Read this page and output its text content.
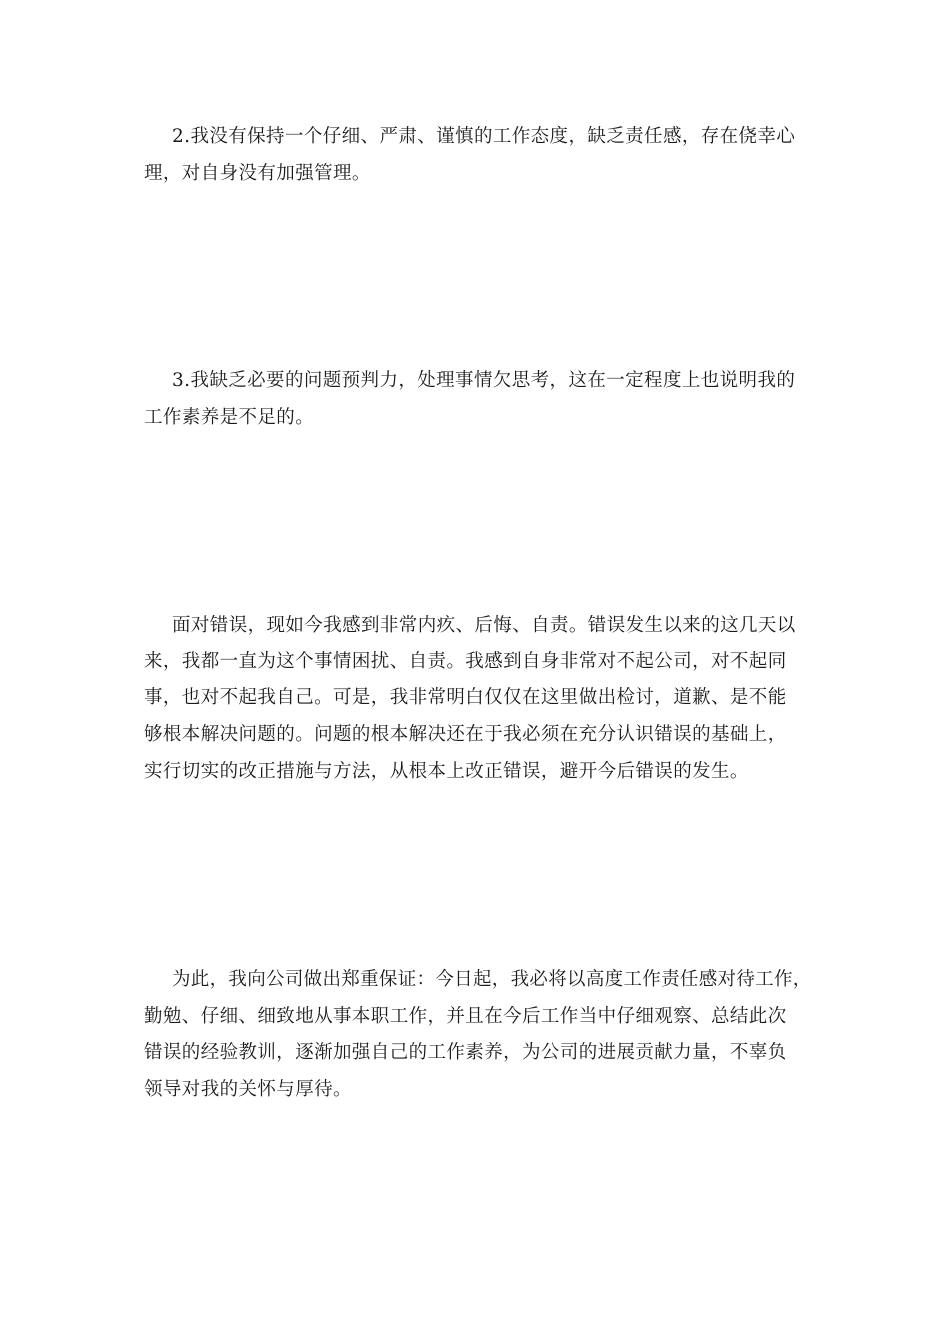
2.我没有保持一个仔细、严肃、谨慎的工作态度，缺乏责任感，存在侥幸心
理，对自身没有加强管理。
3.我缺乏必要的问题预判力，处理事情欠思考，这在一定程度上也说明我的
工作素养是不足的。
面对错误，现如今我感到非常内疚、后悔、自责。错误发生以来的这几天以
来，我都一直为这个事情困扰、自责。我感到自身非常对不起公司，对不起同
事，也对不起我自己。可是，我非常明白仅仅在这里做出检讨，道歉、是不能
够根本解决问题的。问题的根本解决还在于我必须在充分认识错误的基础上，
实行切实的改正措施与方法，从根本上改正错误，避开今后错误的发生。
为此，我向公司做出郑重保证：今日起，我必将以高度工作责任感对待工作，
勤勉、仔细、细致地从事本职工作，并且在今后工作当中仔细观察、总结此次
错误的经验教训，逐渐加强自己的工作素养，为公司的进展贡献力量，不辜负
领导对我的关怀与厚待。
